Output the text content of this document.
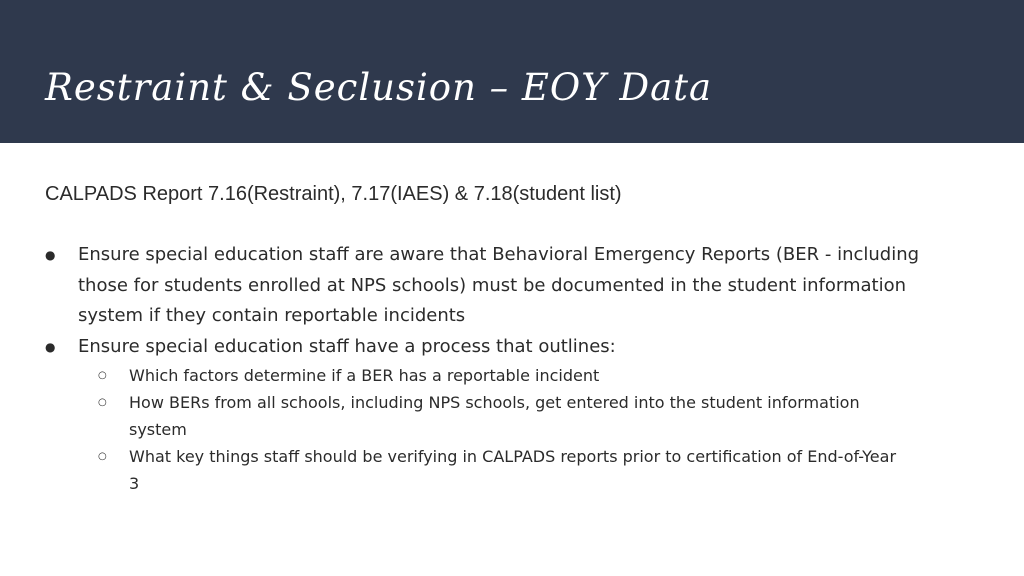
Restraint & Seclusion – EOY Data
CALPADS Report 7.16(Restraint), 7.17(IAES) & 7.18(student list)
● Ensure special education staff are aware that Behavioral Emergency Reports (BER - including those for students enrolled at NPS schools) must be documented in the student information system if they contain reportable incidents
● Ensure special education staff have a process that outlines:
○ Which factors determine if a BER has a reportable incident
○ How BERs from all schools, including NPS schools, get entered into the student information system
○ What key things staff should be verifying in CALPADS reports prior to certification of End-of-Year 3
